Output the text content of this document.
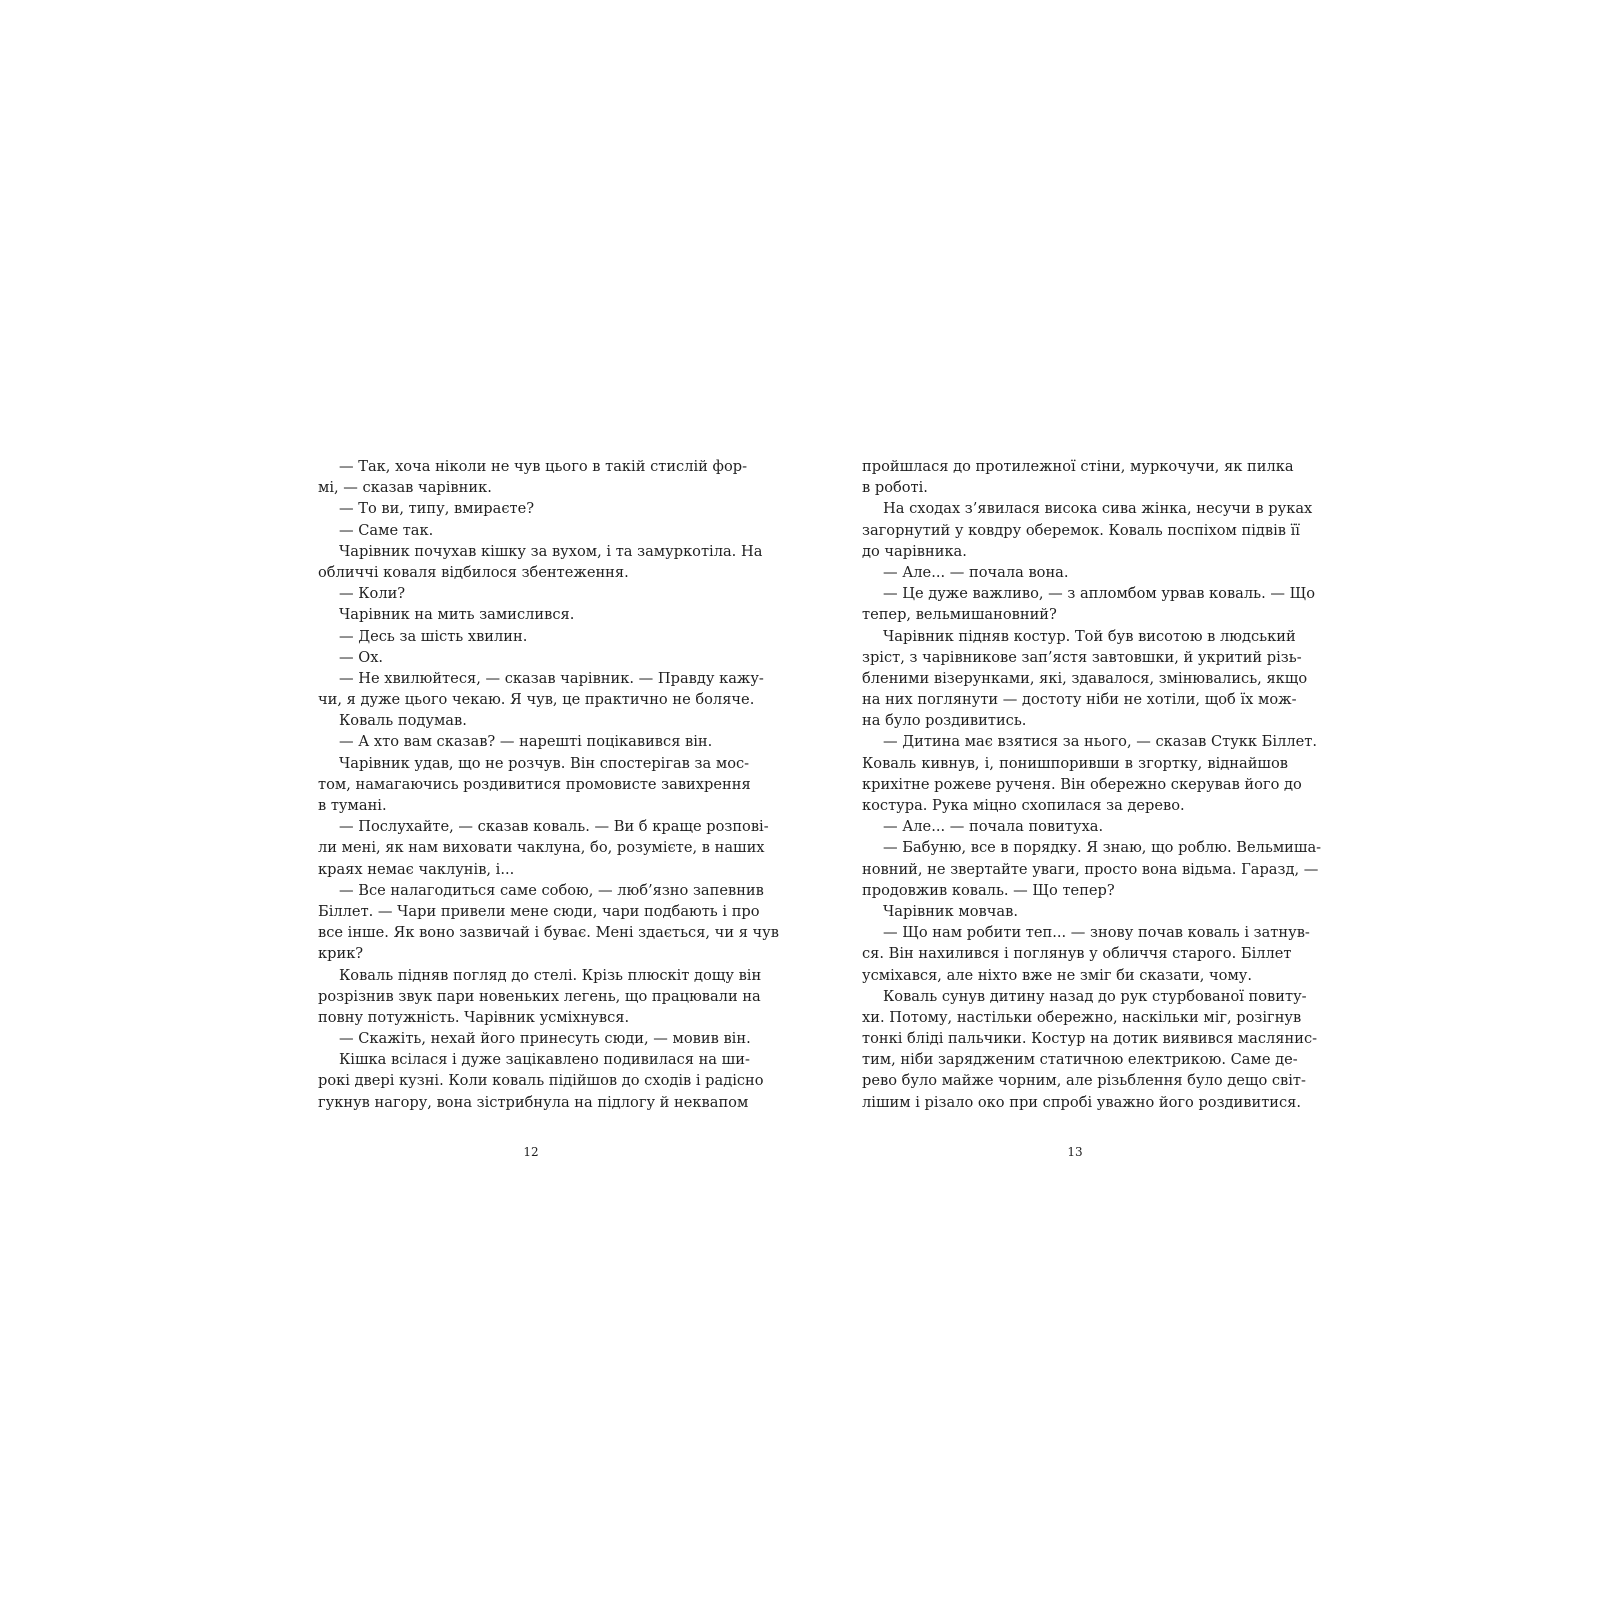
— Так, хоча ніколи не чув цього в такій стислій фор-
мі, — сказав чарівник.
— То ви, типу, вмираєте?
— Саме так.
Чарівник почухав кішку за вухом, і та замуркотіла. На
обличчі коваля відбилося збентеження.
— Коли?
Чарівник на мить замислився.
— Десь за шість хвилин.
— Ох.
— Не хвилюйтеся, — сказав чарівник. — Правду кажу-
чи, я дуже цього чекаю. Я чув, це практично не боляче.
Коваль подумав.
— А хто вам сказав? — нарешті поцікавився він.
Чарівник удав, що не розчув. Він спостерігав за мос-
том, намагаючись роздивитися промовисте завихрення
в тумані.
— Послухайте, — сказав коваль. — Ви б краще розпові-
ли мені, як нам виховати чаклуна, бо, розумієте, в наших
краях немає чаклунів, і...
— Все налагодиться саме собою, — люб’язно запевнив
Біллет. — Чари привели мене сюди, чари подбають і про
все інше. Як воно зазвичай і буває. Мені здається, чи я чув
крик?
Коваль підняв погляд до стелі. Крізь плюскіт дощу він
розрізнив звук пари новеньких легень, що працювали на
повну потужність. Чарівник усміхнувся.
— Скажіть, нехай його принесуть сюди, — мовив він.
Кішка всілася і дуже зацікавлено подивилася на ши-
рокі двері кузні. Коли коваль підійшов до сходів і радісно
гукнув нагору, вона зістрибнула на підлогу й неквапом
12
пройшлася до протилежної стіни, муркочучи, як пилка
в роботі.
На сходах з’явилася висока сива жінка, несучи в руках
загорнутий у ковдру оберемок. Коваль поспіхом підвів її
до чарівника.
— Але... — почала вона.
— Це дуже важливо, — з апломбом урвав коваль. — Що
тепер, вельмишановний?
Чарівник підняв костур. Той був висотою в людський
зріст, з чарівникове зап’ястя завтовшки, й укритий різь-
бленими візерунками, які, здавалося, змінювались, якщо
на них поглянути — достоту ніби не хотіли, щоб їх мож-
на було роздивитись.
— Дитина має взятися за нього, — сказав Стукк Біллет.
Коваль кивнув, і, понишпоривши в згортку, віднайшов
крихітне рожеве рученя. Він обережно скерував його до
костура. Рука міцно схопилася за дерево.
— Але... — почала повитуха.
— Бабуню, все в порядку. Я знаю, що роблю. Вельмиша-
новний, не звертайте уваги, просто вона відьма. Гаразд, —
продовжив коваль. — Що тепер?
Чарівник мовчав.
— Що нам робити теп... — знову почав коваль і затнув-
ся. Він нахилився і поглянув у обличчя старого. Біллет
усміхався, але ніхто вже не зміг би сказати, чому.
Коваль сунув дитину назад до рук стурбованої повиту-
хи. Потому, настільки обережно, наскільки міг, розігнув
тонкі бліді пальчики. Костур на дотик виявився маслянис-
тим, ніби зарядженим статичною електрикою. Саме де-
рево було майже чорним, але різьблення було дещо світ-
лішим і різало око при спробі уважно його роздивитися.
13
